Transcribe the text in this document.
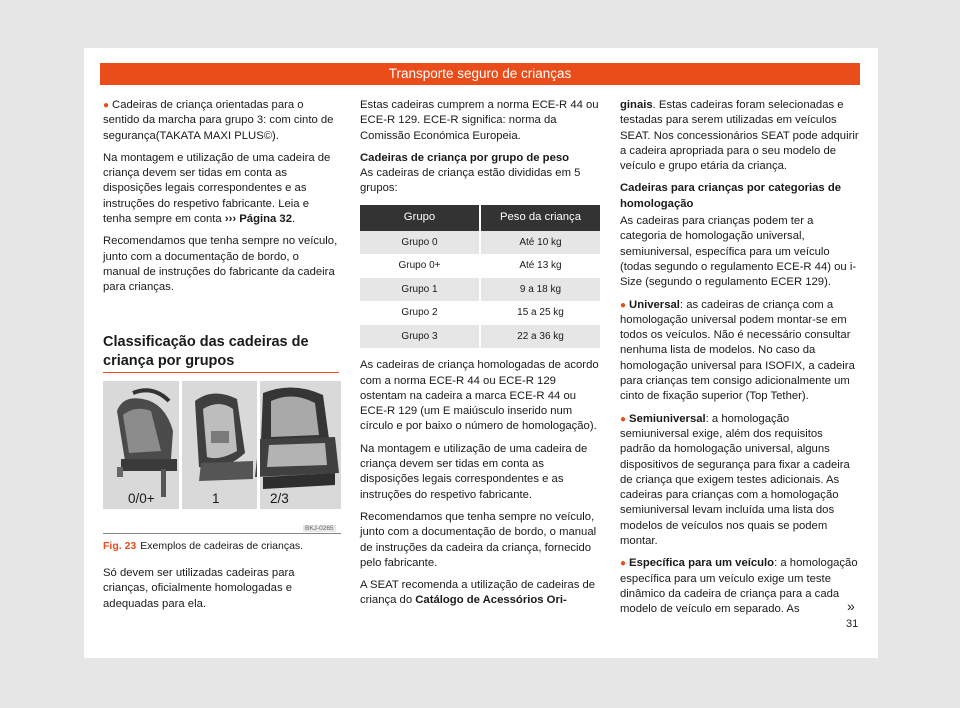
Transporte seguro de crianças

● Cadeiras de criança orientadas para o sentido da marcha para grupo 3: com cinto de segurança(TAKATA MAXI PLUS©).

Na montagem e utilização de uma cadeira de criança devem ser tidas em conta as disposições legais correspondentes e as instruções do respetivo fabricante. Leia e tenha sempre em conta ››› Página 32.

Recomendamos que tenha sempre no veículo, junto com a documentação de bordo, o manual de instruções do fabricante da cadeira para crianças.

Classificação das cadeiras de criança por grupos
0/0+	1	2/3
BKJ-0265
Fig. 23 Exemplos de cadeiras de crianças.

Só devem ser utilizadas cadeiras para crianças, oficialmente homologadas e adequadas para ela.

Estas cadeiras cumprem a norma ECE-R 44 ou ECE-R 129. ECE-R significa: norma da Comissão Económica Europeia.

Cadeiras de criança por grupo de peso

As cadeiras de criança estão divididas em 5 grupos:

Grupo	Peso da criança
Grupo 0	Até 10 kg
Grupo 0+	Até 13 kg
Grupo 1	9 a 18 kg
Grupo 2	15 a 25 kg
Grupo 3	22 a 36 kg

As cadeiras de criança homologadas de acordo com a norma ECE-R 44 ou ECE-R 129 ostentam na cadeira a marca ECE-R 44 ou ECE-R 129 (um E maiúsculo inserido num círculo e por baixo o número de homologação).

Na montagem e utilização de uma cadeira de criança devem ser tidas em conta as disposições legais correspondentes e as instruções do respetivo fabricante.

Recomendamos que tenha sempre no veículo, junto com a documentação de bordo, o manual de instruções da cadeira da criança, fornecido pelo fabricante.

A SEAT recomenda a utilização de cadeiras de criança do Catálogo de Acessórios Ori-

ginais. Estas cadeiras foram selecionadas e testadas para serem utilizadas em veículos SEAT. Nos concessionários SEAT pode adquirir a cadeira apropriada para o seu modelo de veículo e grupo etária da criança.

Cadeiras para crianças por categorias de homologação

As cadeiras para crianças podem ter a categoria de homologação universal, semiuniversal, específica para um veículo (todas segundo o regulamento ECE-R 44) ou i-Size (segundo o regulamento ECER 129).

● Universal: as cadeiras de criança com a homologação universal podem montar-se em todos os veículos. Não é necessário consultar nenhuma lista de modelos. No caso da homologação universal para ISOFIX, a cadeira para crianças tem consigo adicionalmente um cinto de fixação superior (Top Tether).

● Semiuniversal: a homologação semiuniversal exige, além dos requisitos padrão da homologação universal, alguns dispositivos de segurança para fixar a cadeira de criança que exigem testes adicionais. As cadeiras para crianças com a homologação semiuniversal levam incluída uma lista dos modelos de veículos nos quais se podem montar.

● Específica para um veículo: a homologação específica para um veículo exige um teste dinâmico da cadeira de criança para a cada modelo de veículo em separado. As	»
31
